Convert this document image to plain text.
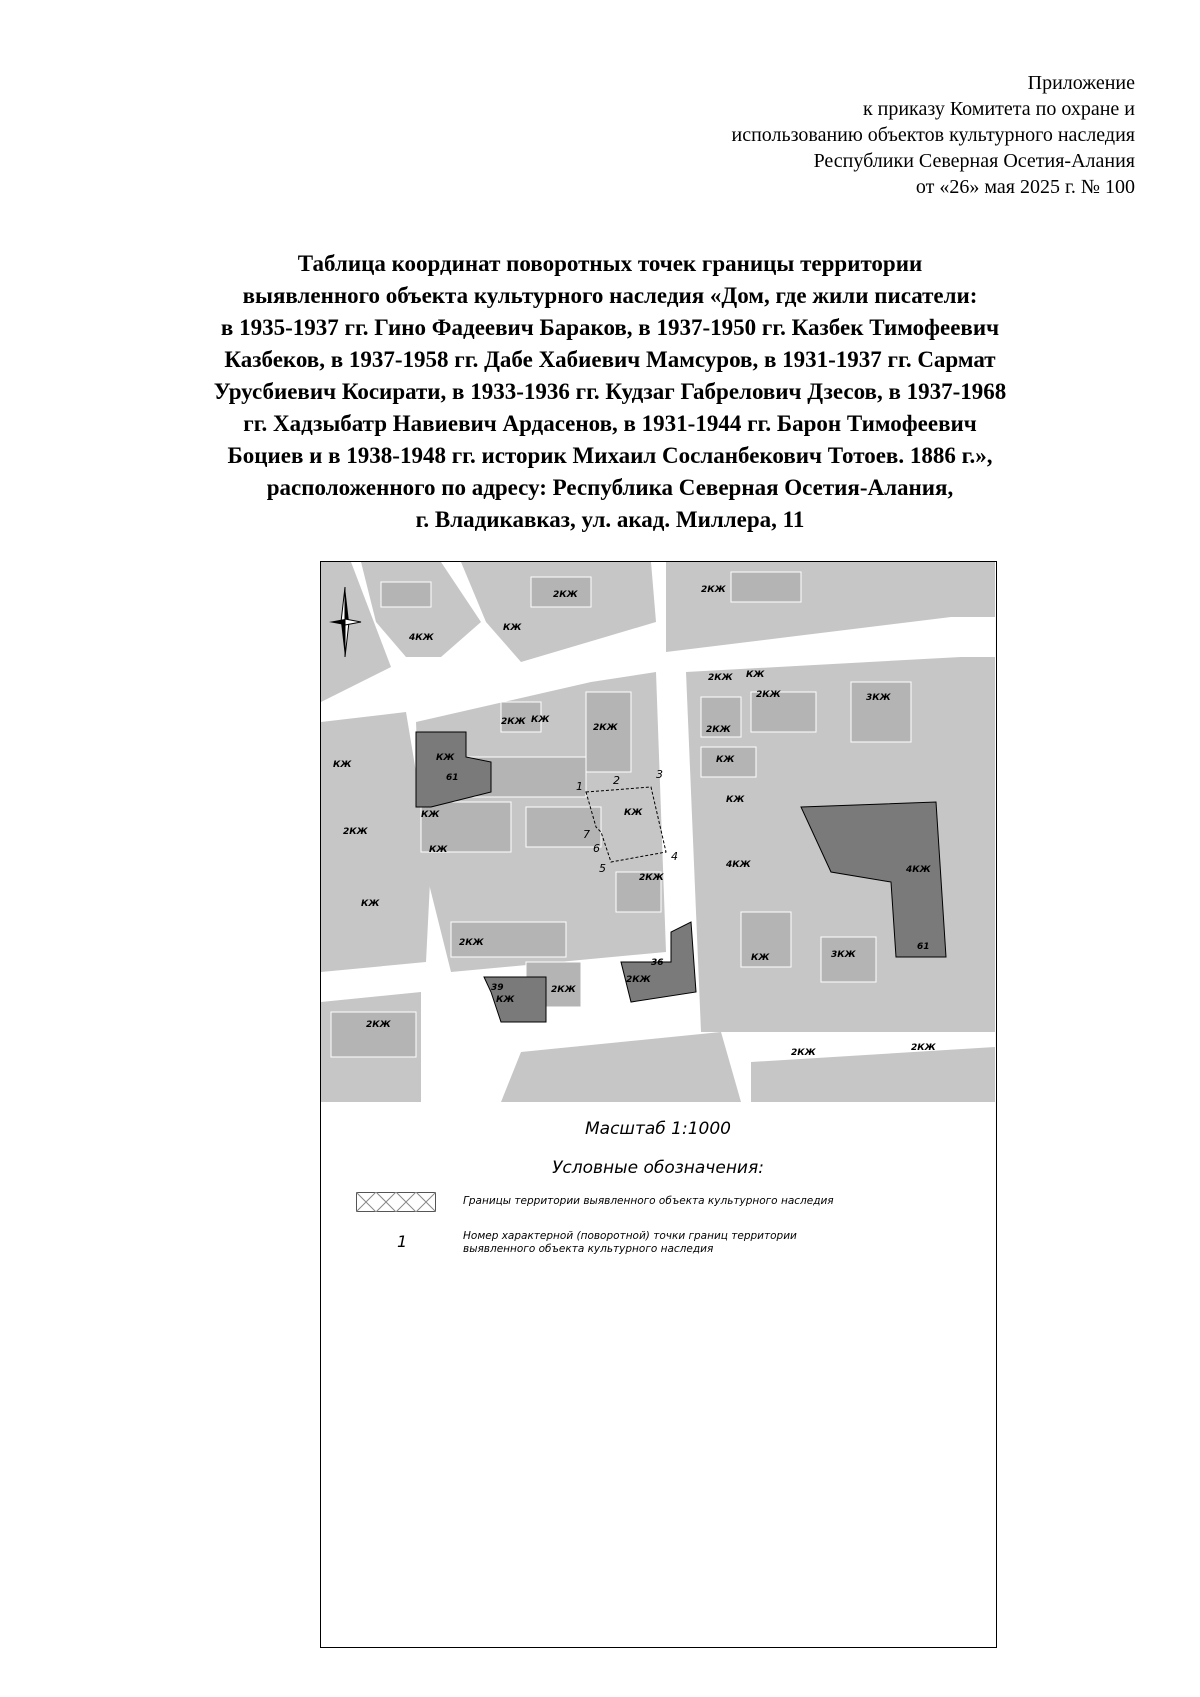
Приложение
к приказу Комитета по охране и
использованию объектов культурного наследия
Республики Северная Осетия-Алания
от «26» мая 2025 г. № 100
Таблица координат поворотных точек границы территории
выявленного объекта культурного наследия «Дом, где жили писатели:
в 1935-1937 гг. Гино Фадеевич Бараков, в 1937-1950 гг. Казбек Тимофеевич
Казбеков, в 1937-1958 гг. Дабе Хабиевич Мамсуров, в 1931-1937 гг. Сармат
Урусбиевич Косирати, в 1933-1936 гг. Кудзаг Габрелович Дзесов, в 1937-1968
гг. Хадзыбатр Навиевич Ардасенов, в 1931-1944 гг. Барон Тимофеевич
Боциев и в 1938-1948 гг. историк Михаил Сосланбекович Тотоев. 1886 г.»,
расположенного по адресу: Республика Северная Осетия-Алания,
г. Владикавказ, ул. акад. Миллера, 11
1	2	3
4
5
6
7
2КЖ
2КЖ
4КЖ
КЖ
2КЖ КЖ
2КЖ
2КЖ КЖ
КЖ
КЖ
КЖ
2КЖ
2КЖ	3КЖ
2КЖ
КЖ
КЖ
КЖ
КЖ
4КЖ
2КЖ
КЖ
3КЖ
2КЖ
КЖ
2КЖ
КЖ
2КЖ
2КЖ	2КЖ
2КЖ
4КЖ
61
39
36
61
Масштаб 1:1000
Условные обозначения:
Границы территории выявленного объекта культурного наследия
1	Номер характерной (поворотной) точки границ территории
выявленного объекта культурного наследия
